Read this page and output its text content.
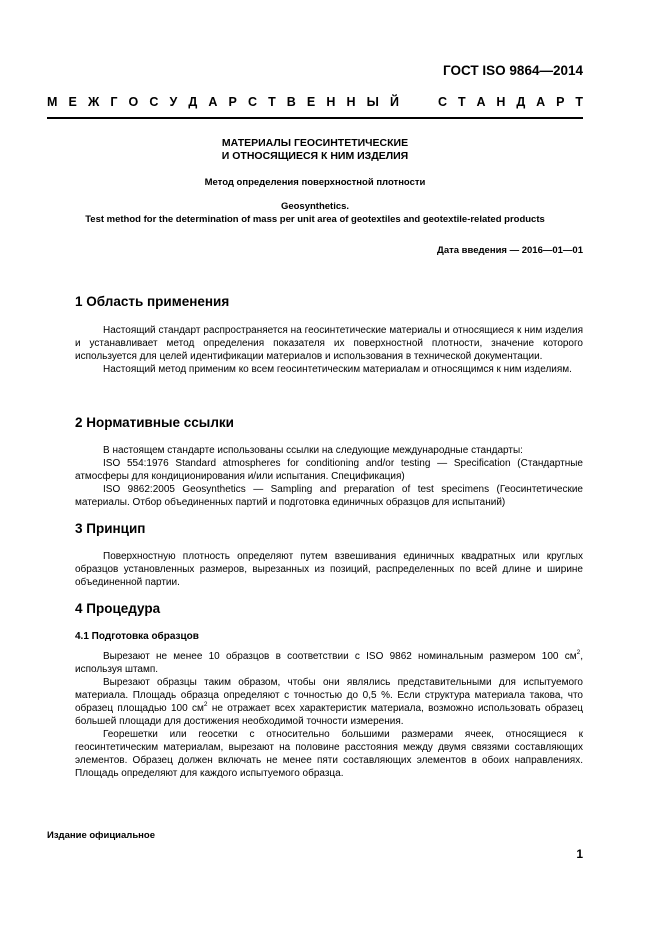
ГОСТ ISO 9864—2014
М Е Ж Г О С У Д А Р С Т В Е Н Н Ы Й	С Т А Н Д А Р Т
МАТЕРИАЛЫ ГЕОСИНТЕТИЧЕСКИЕ
И ОТНОСЯЩИЕСЯ К НИМ ИЗДЕЛИЯ
Метод определения поверхностной плотности
Geosynthetics.
Test method for the determination of mass per unit area of geotextiles and geotextile-related products
Дата введения — 2016—01—01
1 Область применения

Настоящий стандарт распространяется на геосинтетические материалы и относящиеся к ним изделия и устанавливает метод определения показателя их поверхностной плотности, значение которого используется для целей идентификации материалов и использования в технической документации.

Настоящий метод применим ко всем геосинтетическим материалам и относящимся к ним изделиям.

2 Нормативные ссылки

В настоящем стандарте использованы ссылки на следующие международные стандарты:

ISO 554:1976 Standard atmospheres for conditioning and/or testing — Specification (Стандартные атмосферы для кондиционирования и/или испытания. Спецификация)

ISO 9862:2005 Geosynthetics — Sampling and preparation of test specimens (Геосинтетические материалы. Отбор объединенных партий и подготовка единичных образцов для испытаний)

3 Принцип

Поверхностную плотность определяют путем взвешивания единичных квадратных или круглых образцов установленных размеров, вырезанных из позиций, распределенных по всей длине и ширине объединенной партии.

4 Процедура
4.1 Подготовка образцов

Вырезают не менее 10 образцов в соответствии с ISO 9862 номинальным размером 100 $см^2$, используя штамп.

Вырезают образцы таким образом, чтобы они являлись представительными для испытуемого материала. Площадь образца определяют с точностью до 0,5 %. Если структура материала такова, что образец площадью 100 $см^2$ не отражает всех характеристик материала, возможно использовать образец большей площади для достижения необходимой точности измерения.

Георешетки или геосетки с относительно большими размерами ячеек, относящиеся к геосинтетическим материалам, вырезают на половине расстояния между двумя связями составляющих элементов. Образец должен включать не менее пяти составляющих элементов в обоих направлениях. Площадь определяют для каждого испытуемого образца.

Издание официальное
1
